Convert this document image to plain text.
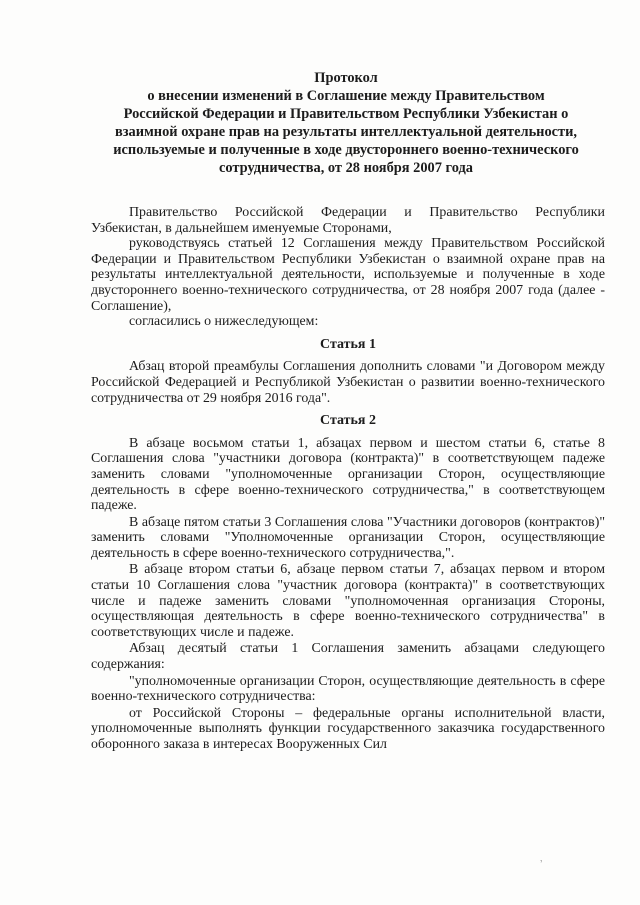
Протокол
о внесении изменений в Соглашение между Правительством
Российской Федерации и Правительством Республики Узбекистан о
взаимной охране прав на результаты интеллектуальной деятельности,
используемые и полученные в ходе двустороннего военно-технического
сотрудничества, от 28 ноября 2007 года

Правительство Российской Федерации и Правительство Республики Узбекистан, в дальнейшем именуемые Сторонами,

руководствуясь статьей 12 Соглашения между Правительством Российской Федерации и Правительством Республики Узбекистан о взаимной охране прав на результаты интеллектуальной деятельности, используемые и полученные в ходе двустороннего военно-технического сотрудничества, от 28 ноября 2007 года (далее - Соглашение),

согласились о нижеследующем:

Статья 1

Абзац второй преамбулы Соглашения дополнить словами "и Договором между Российской Федерацией и Республикой Узбекистан о развитии военно-технического сотрудничества от 29 ноября 2016 года".

Статья 2

В абзаце восьмом статьи 1, абзацах первом и шестом статьи 6, статье 8 Соглашения слова "участники договора (контракта)" в соответствующем падеже заменить словами "уполномоченные организации Сторон, осуществляющие деятельность в сфере военно-технического сотрудничества," в соответствующем падеже.

В абзаце пятом статьи 3 Соглашения слова "Участники договоров (контрактов)" заменить словами "Уполномоченные организации Сторон, осуществляющие деятельность в сфере военно-технического сотрудничества,".

В абзаце втором статьи 6, абзаце первом статьи 7, абзацах первом и втором статьи 10 Соглашения слова "участник договора (контракта)" в соответствующих числе и падеже заменить словами "уполномоченная организация Стороны, осуществляющая деятельность в сфере военно-технического сотрудничества" в соответствующих числе и падеже.

Абзац десятый статьи 1 Соглашения заменить абзацами следующего содержания:

"уполномоченные организации Сторон, осуществляющие деятельность в сфере военно-технического сотрудничества:

от Российской Стороны – федеральные органы исполнительной власти, уполномоченные выполнять функции государственного заказчика государственного оборонного заказа в интересах Вооруженных Сил

ʼ
